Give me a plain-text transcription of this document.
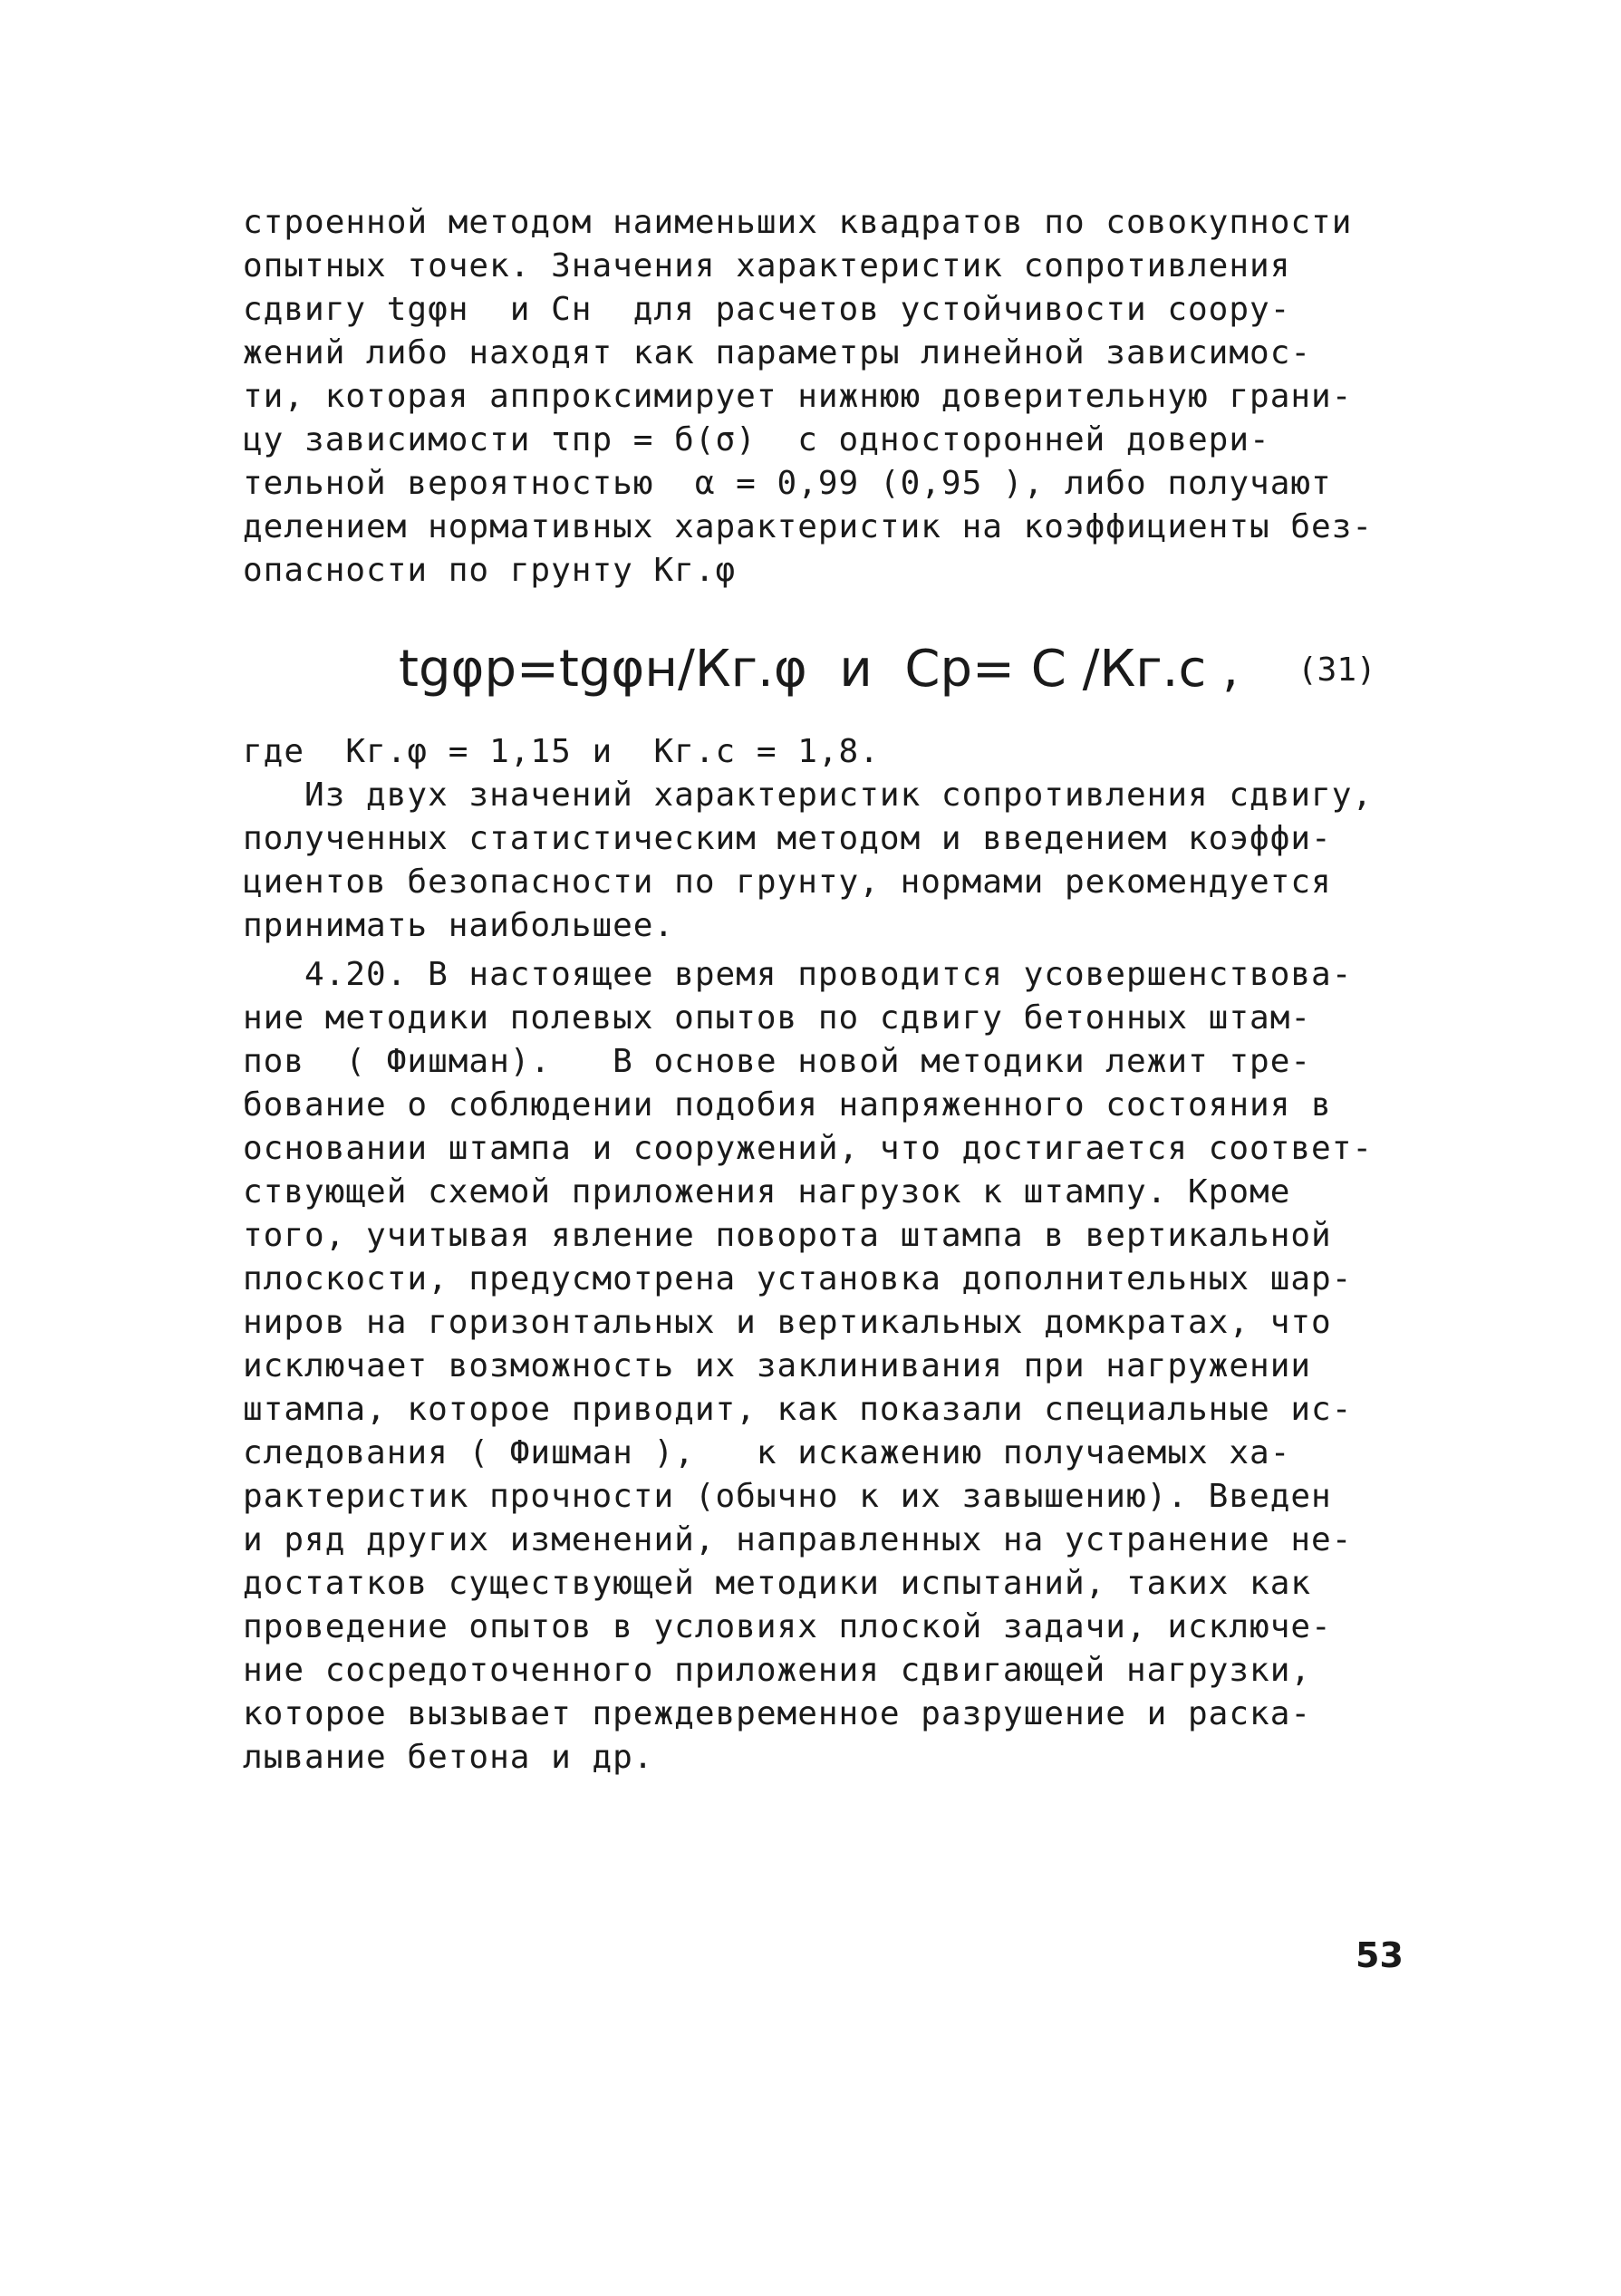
строенной методом наименьших квадратов по совокупности
опытных точек. Значения характеристик сопротивления
сдвигу tgφн  и Сн  для расчетов устойчивости соору-
жений либо находят как параметры линейной зависимос-
ти, которая аппроксимирует нижнюю доверительную грани-
цу зависимости τпр = б(σ)  с односторонней довери-
тельной вероятностью  α = 0,99 (0,95 ), либо получают
делением нормативных характеристик на коэффициенты без-
опасности по грунту Кг.φ
tgφр=tgφн/Кг.φ  и  Ср= С /Кг.с , (31)
где  Кг.φ = 1,15 и  Кг.с = 1,8.
Из двух значений характеристик сопротивления сдвигу,
полученных статистическим методом и введением коэффи-
циентов безопасности по грунту, нормами рекомендуется
принимать наибольшее.
4.20. В настоящее время проводится усовершенствова-
ние методики полевых опытов по сдвигу бетонных штам-
пов  ( Фишман).   В основе новой методики лежит тре-
бование о соблюдении подобия напряженного состояния в
основании штампа и сооружений, что достигается соответ-
ствующей схемой приложения нагрузок к штампу. Кроме
того, учитывая явление поворота штампа в вертикальной
плоскости, предусмотрена установка дополнительных шар-
ниров на горизонтальных и вертикальных домкратах, что
исключает возможность их заклинивания при нагружении
штампа, которое приводит, как показали специальные ис-
следования ( Фишман ),   к искажению получаемых ха-
рактеристик прочности (обычно к их завышению). Введен
и ряд других изменений, направленных на устранение не-
достатков существующей методики испытаний, таких как
проведение опытов в условиях плоской задачи, исключе-
ние сосредоточенного приложения сдвигающей нагрузки,
которое вызывает преждевременное разрушение и раска-
лывание бетона и др.
53
